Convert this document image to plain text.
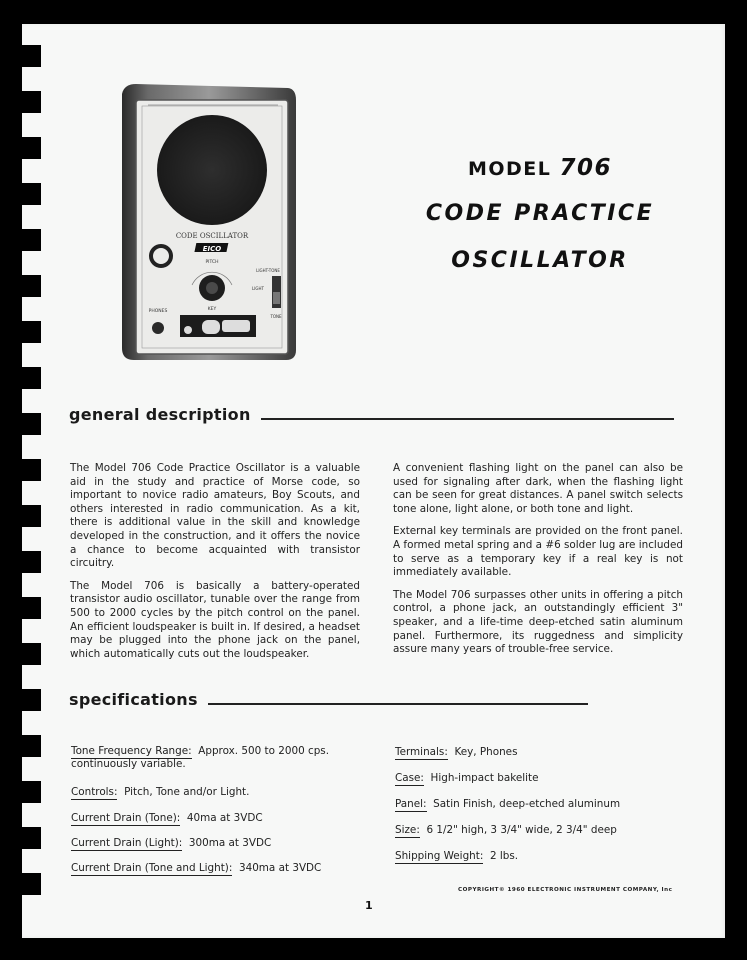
CODE OSCILLATOR
EICO
PITCH
LIGHT-TONE
LIGHT
TONE
PHONES	KEY
MODEL 706
CODE PRACTICE
OSCILLATOR
general description

The Model 706 Code Practice Oscillator is a valuable aid in the study and practice of Morse code, so important to novice radio amateurs, Boy Scouts, and others interested in radio communication. As a kit, there is additional value in the skill and knowledge developed in the construction, and it offers the novice a chance to become acquainted with transistor circuitry.

The Model 706 is basically a battery-operated transistor audio oscillator, tunable over the range from 500 to 2000 cycles by the pitch control on the panel. An efficient loudspeaker is built in. If desired, a headset may be plugged into the phone jack on the panel, which automatically cuts out the loudspeaker.

A convenient flashing light on the panel can also be used for signaling after dark, when the flashing light can be seen for great distances. A panel switch selects tone alone, light alone, or both tone and light.

External key terminals are provided on the front panel. A formed metal spring and a #6 solder lug are included to serve as a temporary key if a real key is not immediately available.

The Model 706 surpasses other units in offering a pitch control, a phone jack, an outstandingly efficient 3" speaker, and a life-time deep-etched satin aluminum panel. Furthermore, its ruggedness and simplicity assure many years of trouble-free service.

specifications
Tone Frequency Range: Approx. 500 to 2000 cps. continuously variable.
Controls: Pitch, Tone and/or Light.
Current Drain (Tone): 40ma at 3VDC
Current Drain (Light): 300ma at 3VDC
Current Drain (Tone and Light): 340ma at 3VDC
Terminals: Key, Phones
Case: High-impact bakelite
Panel: Satin Finish, deep-etched aluminum
Size: 6 1/2" high, 3 3/4" wide, 2 3/4" deep
Shipping Weight: 2 lbs.
COPYRIGHT© 1960 ELECTRONIC INSTRUMENT COMPANY, Inc
1
